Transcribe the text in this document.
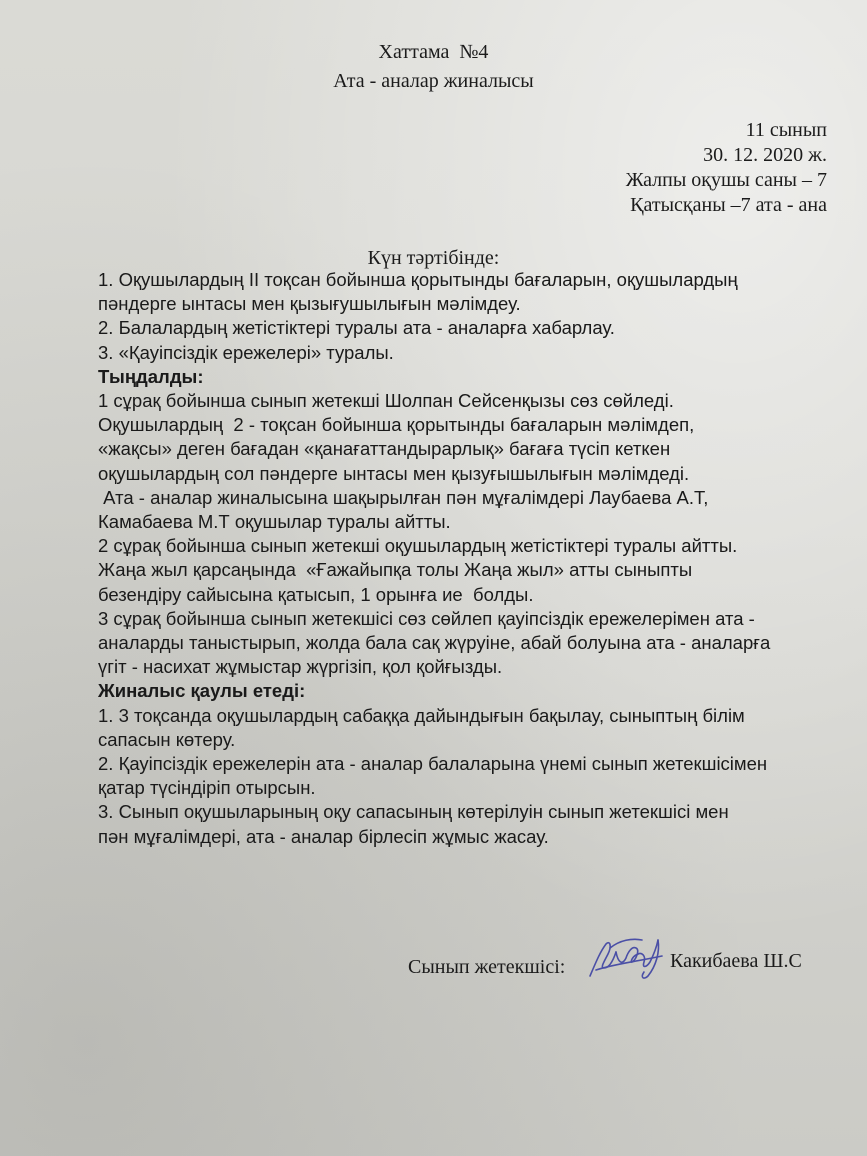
Хаттама  №4
Ата - аналар жиналысы
11 сынып
30. 12. 2020 ж.
Жалпы оқушы саны – 7
Қатысқаны –7 ата - ана
Күн тәртібінде:
1. Оқушылардың II тоқсан бойынша қорытынды бағаларын, оқушылардың
пәндерге ынтасы мен қызығушылығын мәлімдеу.
2. Балалардың жетістіктері туралы ата - аналарға хабарлау.
3. «Қауіпсіздік ережелері» туралы.
Тыңдалды:
1 сұрақ бойынша сынып жетекші Шолпан Сейсенқызы сөз сөйледі.
Оқушылардың  2 - тоқсан бойынша қорытынды бағаларын мәлімдеп,
«жақсы» деген бағадан «қанағаттандырарлық» бағаға түсіп кеткен
оқушылардың сол пәндерге ынтасы мен қызуғышылығын мәлімдеді.
Ата - аналар жиналысына шақырылған пән мұғалімдері Лаубаева А.Т,
Камабаева М.Т оқушылар туралы айтты.
2 сұрақ бойынша сынып жетекші оқушылардың жетістіктері туралы айтты.
Жаңа жыл қарсаңында  «Ғажайыпқа толы Жаңа жыл» атты сыныпты
безендіру сайысына қатысып, 1 орынға ие  болды.
3 сұрақ бойынша сынып жетекшісі сөз сөйлеп қауіпсіздік ережелерімен ата -
аналарды таныстырып, жолда бала сақ жүруіне, абай болуына ата - аналарға
үгіт - насихат жұмыстар жүргізіп, қол қойғызды.
Жиналыс қаулы етеді:
1. 3 тоқсанда оқушылардың сабаққа дайындығын бақылау, сыныптың білім
сапасын көтеру.
2. Қауіпсіздік ережелерін ата - аналар балаларына үнемі сынып жетекшісімен
қатар түсіндіріп отырсын.
3. Сынып оқушыларының оқу сапасының көтерілуін сынып жетекшісі мен
пән мұғалімдері, ата - аналар бірлесіп жұмыс жасау.

Сынып жетекшісі:

	Какибаева Ш.С
